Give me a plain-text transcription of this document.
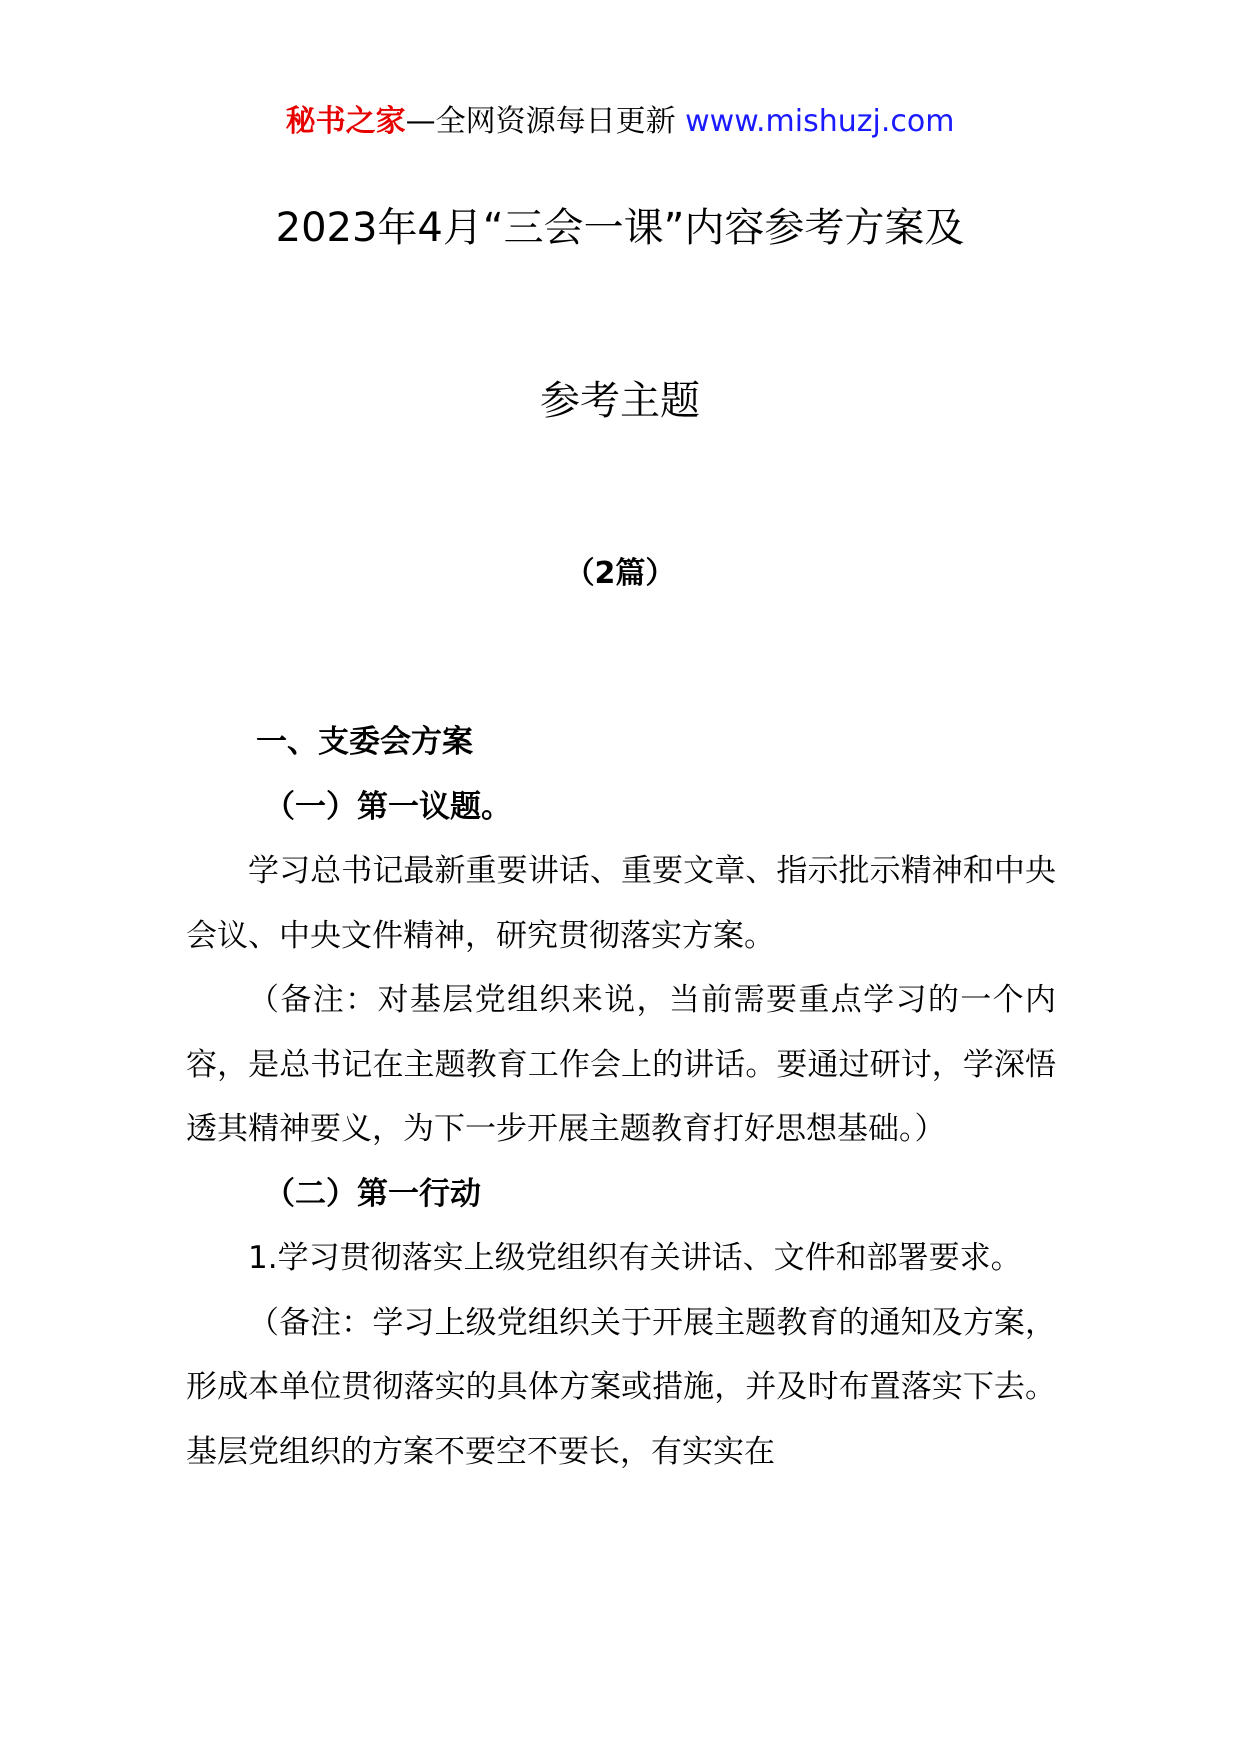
秘书之家—全网资源每日更新 www.mishuzj.com
2023年4月“三会一课”内容参考方案及
参考主题
（2篇）

一、支委会方案

（一）第一议题。

学习总书记最新重要讲话、重要文章、指示批示精神和中央会议、中央文件精神，研究贯彻落实方案。

（备注：对基层党组织来说，当前需要重点学习的一个内容，是总书记在主题教育工作会上的讲话。要通过研讨，学深悟透其精神要义，为下一步开展主题教育打好思想基础。）

（二）第一行动

1.学习贯彻落实上级党组织有关讲话、文件和部署要求。

（备注：学习上级党组织关于开展主题教育的通知及方案，形成本单位贯彻落实的具体方案或措施，并及时布置落实下去。基层党组织的方案不要空不要长，有实实在
